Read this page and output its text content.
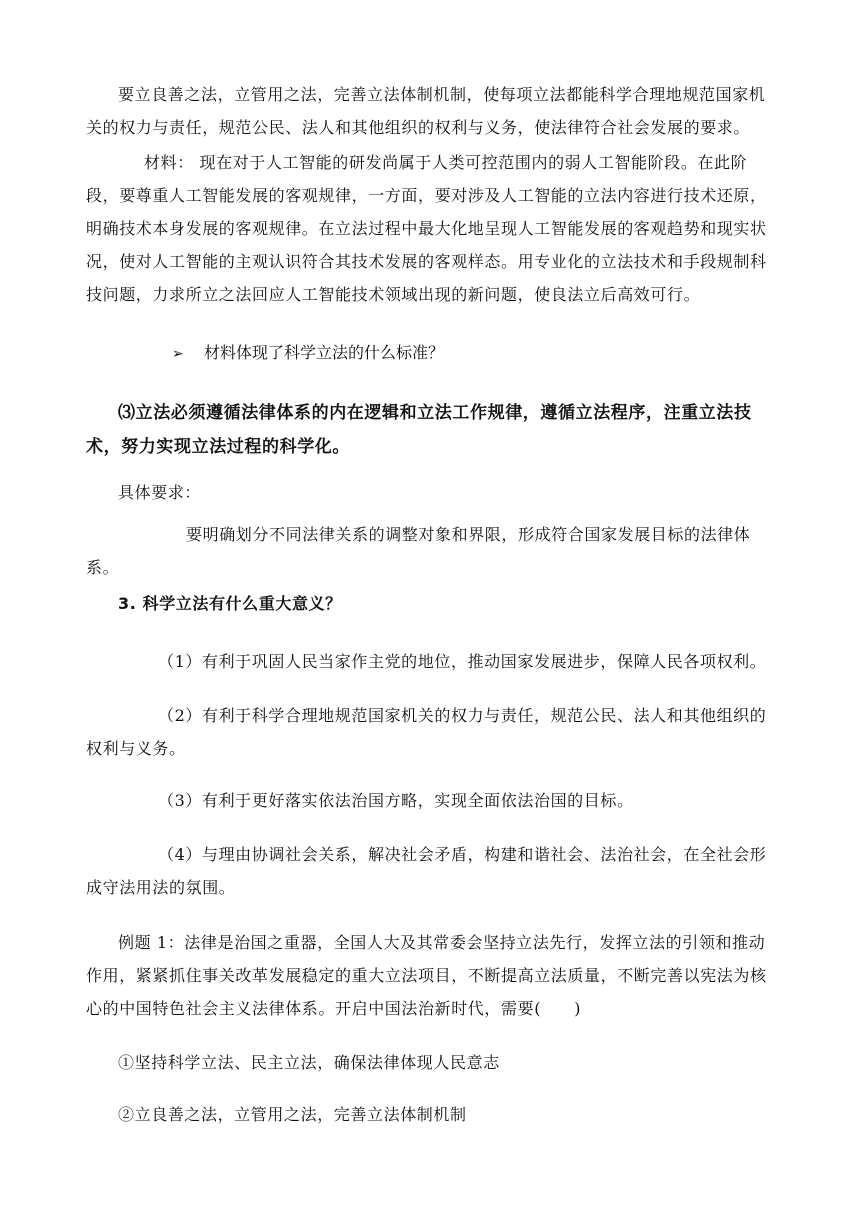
要立良善之法，立管用之法，完善立法体制机制，使每项立法都能科学合理地规范国家机关的权力与责任，规范公民、法人和其他组织的权利与义务，使法律符合社会发展的要求。

材料： 现在对于人工智能的研发尚属于人类可控范围内的弱人工智能阶段。在此阶段，要尊重人工智能发展的客观规律，一方面，要对涉及人工智能的立法内容进行技术还原，明确技术本身发展的客观规律。在立法过程中最大化地呈现人工智能发展的客观趋势和现实状况，使对人工智能的主观认识符合其技术发展的客观样态。用专业化的立法技术和手段规制科技问题，力求所立之法回应人工智能技术领域出现的新问题，使良法立后高效可行。

➢ 材料体现了科学立法的什么标准？

⑶立法必须遵循法律体系的内在逻辑和立法工作规律，遵循立法程序，注重立法技术，努力实现立法过程的科学化。

具体要求：

要明确划分不同法律关系的调整对象和界限，形成符合国家发展目标的法律体系。

3. 科学立法有什么重大意义？

（1）有利于巩固人民当家作主党的地位，推动国家发展进步，保障人民各项权利。

（2）有利于科学合理地规范国家机关的权力与责任，规范公民、法人和其他组织的权利与义务。

（3）有利于更好落实依法治国方略，实现全面依法治国的目标。

（4）与理由协调社会关系，解决社会矛盾，构建和谐社会、法治社会，在全社会形成守法用法的氛围。

例题 1：法律是治国之重器，全国人大及其常委会坚持立法先行，发挥立法的引领和推动作用，紧紧抓住事关改革发展稳定的重大立法项目，不断提高立法质量，不断完善以宪法为核心的中国特色社会主义法律体系。开启中国法治新时代，需要(　　)

①坚持科学立法、民主立法，确保法律体现人民意志

②立良善之法，立管用之法，完善立法体制机制
